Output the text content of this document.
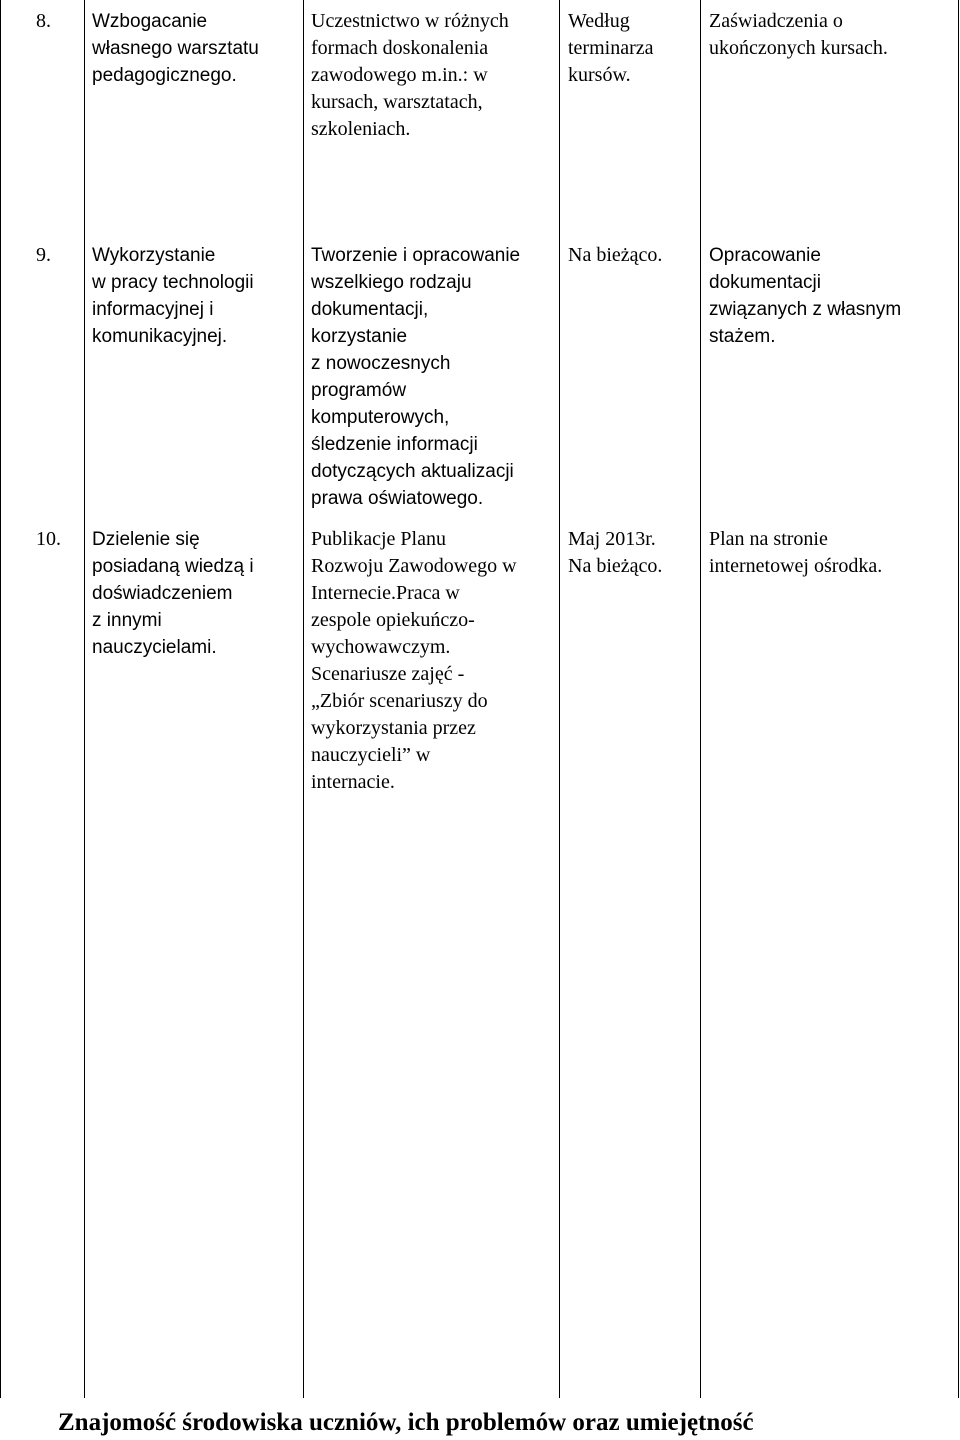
8. Wzbogacanie
własnego warsztatu
pedagogicznego.
Uczestnictwo w różnych
formach doskonalenia
zawodowego m.in.: w
kursach, warsztatach,
szkoleniach.
Według
terminarza
kursów.
Zaświadczenia o
ukończonych kursach.
9. Wykorzystanie
w pracy technologii
informacyjnej i
komunikacyjnej.
Tworzenie i opracowanie
wszelkiego rodzaju
dokumentacji,
korzystanie
z nowoczesnych
programów
komputerowych,
śledzenie informacji
dotyczących aktualizacji
prawa oświatowego.
Na bieżąco. Opracowanie
dokumentacji
związanych z własnym
stażem.
10. Dzielenie się
posiadaną wiedzą i
doświadczeniem
z innymi
nauczycielami.
Publikacje Planu
Rozwoju Zawodowego w
Internecie.Praca w
zespole opiekuńczo-
wychowawczym.
Scenariusze zajęć -
„Zbiór scenariuszy do
wykorzystania przez
nauczycieli” w
internacie.
Maj 2013r.
Na bieżąco.
Plan na stronie
internetowej ośrodka.
Znajomość środowiska uczniów, ich problemów oraz umiejętność
